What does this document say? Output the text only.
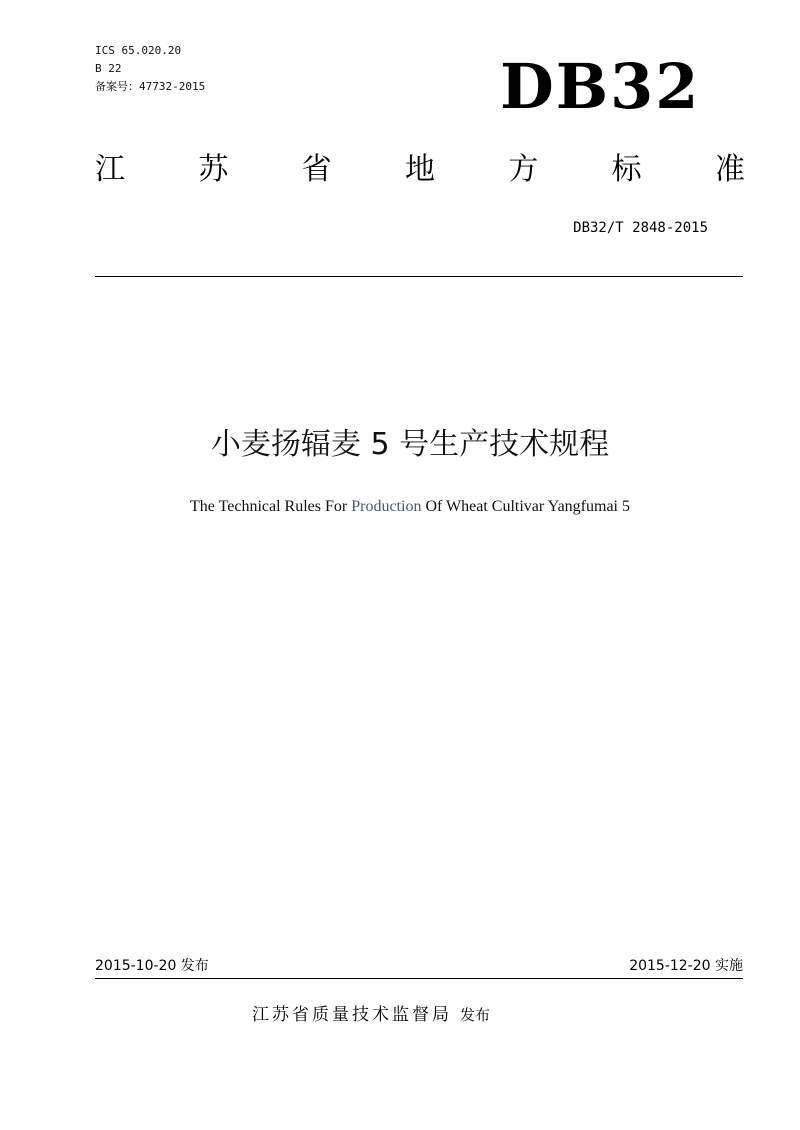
ICS 65.020.20
B 22
备案号：47732-2015	DB32
江 苏 省 地 方 标 准
DB32/T 2848-2015
小麦扬辐麦 5 号生产技术规程
The Technical Rules For Production Of Wheat Cultivar Yangfumai 5
2015-10-20 发布	2015-12-20 实施
江苏省质量技术监督局 发布
